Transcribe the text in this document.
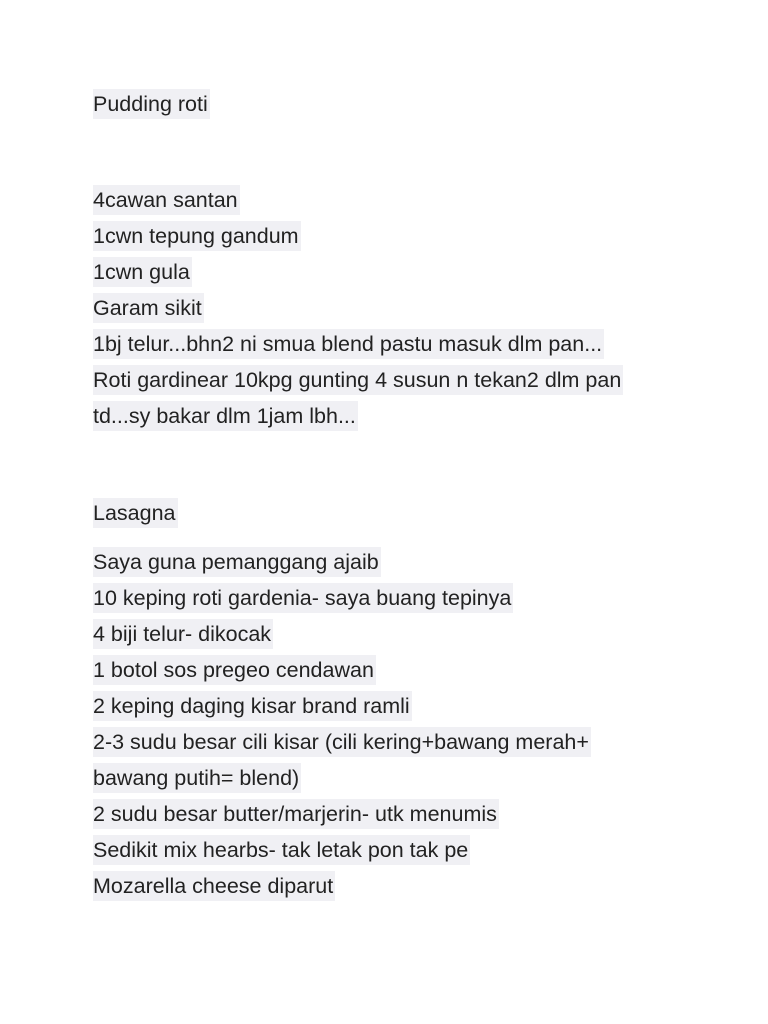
Pudding roti
4cawan santan
1cwn tepung gandum
1cwn gula
Garam sikit
1bj telur...bhn2 ni smua blend pastu masuk dlm pan...
Roti gardinear 10kpg gunting 4 susun n tekan2 dlm pan
td...sy bakar dlm 1jam lbh...
Lasagna
Saya guna pemanggang ajaib
10 keping roti gardenia- saya buang tepinya
4 biji telur- dikocak
1 botol sos pregeo cendawan
2 keping daging kisar brand ramli
2-3 sudu besar cili kisar (cili kering+bawang merah+
bawang putih= blend)
2 sudu besar butter/marjerin- utk menumis
Sedikit mix hearbs- tak letak pon tak pe
Mozarella cheese diparut
